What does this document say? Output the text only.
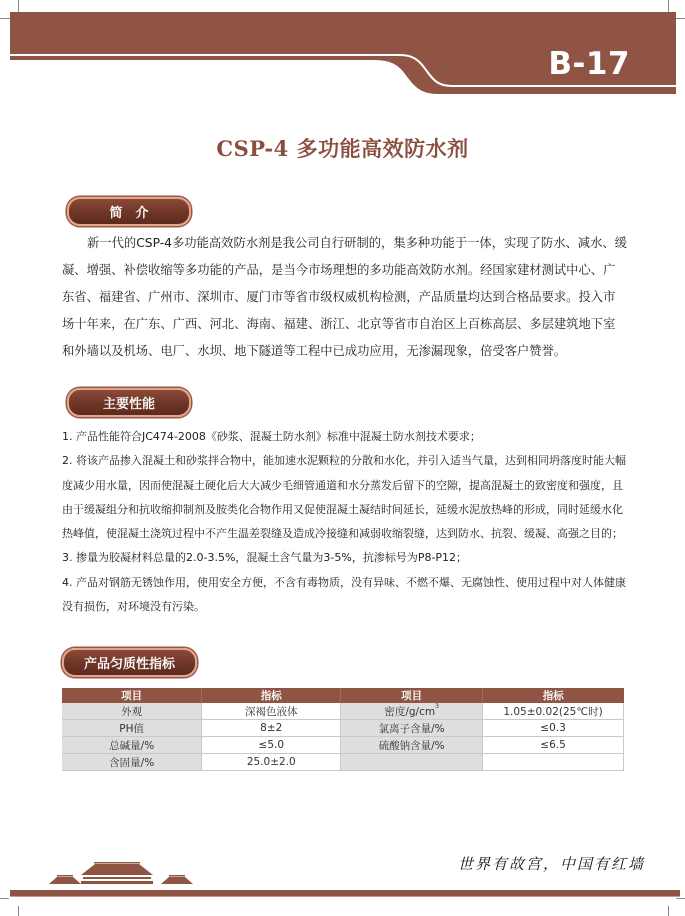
B-17
CSP-4 多功能高效防水剂
简　介
新一代的CSP-4多功能高效防水剂是我公司自行研制的，集多种功能于一体，实现了防水、减水、缓凝、增强、补偿收缩等多功能的产品，是当今市场理想的多功能高效防水剂。经国家建材测试中心、广东省、福建省、广州市、深圳市、厦门市等省市级权威机构检测，产品质量均达到合格品要求。投入市场十年来，在广东、广西、河北、海南、福建、浙江、北京等省市自治区上百栋高层、多层建筑地下室和外墙以及机场、电厂、水坝、地下隧道等工程中已成功应用，无渗漏现象，倍受客户赞誉。
主要性能
1. 产品性能符合JC474-2008《砂浆、混凝土防水剂》标准中混凝土防水剂技术要求；
2. 将该产品掺入混凝土和砂浆拌合物中，能加速水泥颗粒的分散和水化，并引入适当气量，达到相同坍落度时能大幅度减少用水量，因而使混凝土硬化后大大减少毛细管通道和水分蒸发后留下的空隙，提高混凝土的致密度和强度，且由于缓凝组分和抗收缩抑制剂及胺类化合物作用又促使混凝土凝结时间延长，延缓水泥放热峰的形成，同时延缓水化热峰值，使混凝土浇筑过程中不产生温差裂缝及造成冷接缝和减弱收缩裂缝，达到防水、抗裂、缓凝、高强之目的；
3. 掺量为胶凝材料总量的2.0-3.5%，混凝土含气量为3-5%，抗渗标号为P8-P12；
4. 产品对钢筋无锈蚀作用，使用安全方便，不含有毒物质，没有异味、不燃不爆、无腐蚀性、使用过程中对人体健康没有损伤，对环境没有污染。
产品匀质性指标
项目	指标	项目	指标
外观	深褐色液体	密度$/g/cm^3$	1.05±0.02(25℃时)
PH值	8±2	氯离子含量/%	≤0.3
总碱量/%	≤5.0	硫酸钠含量/%	≤6.5
含固量/%	25.0±2.0		
世界有故宫，中国有红墙
